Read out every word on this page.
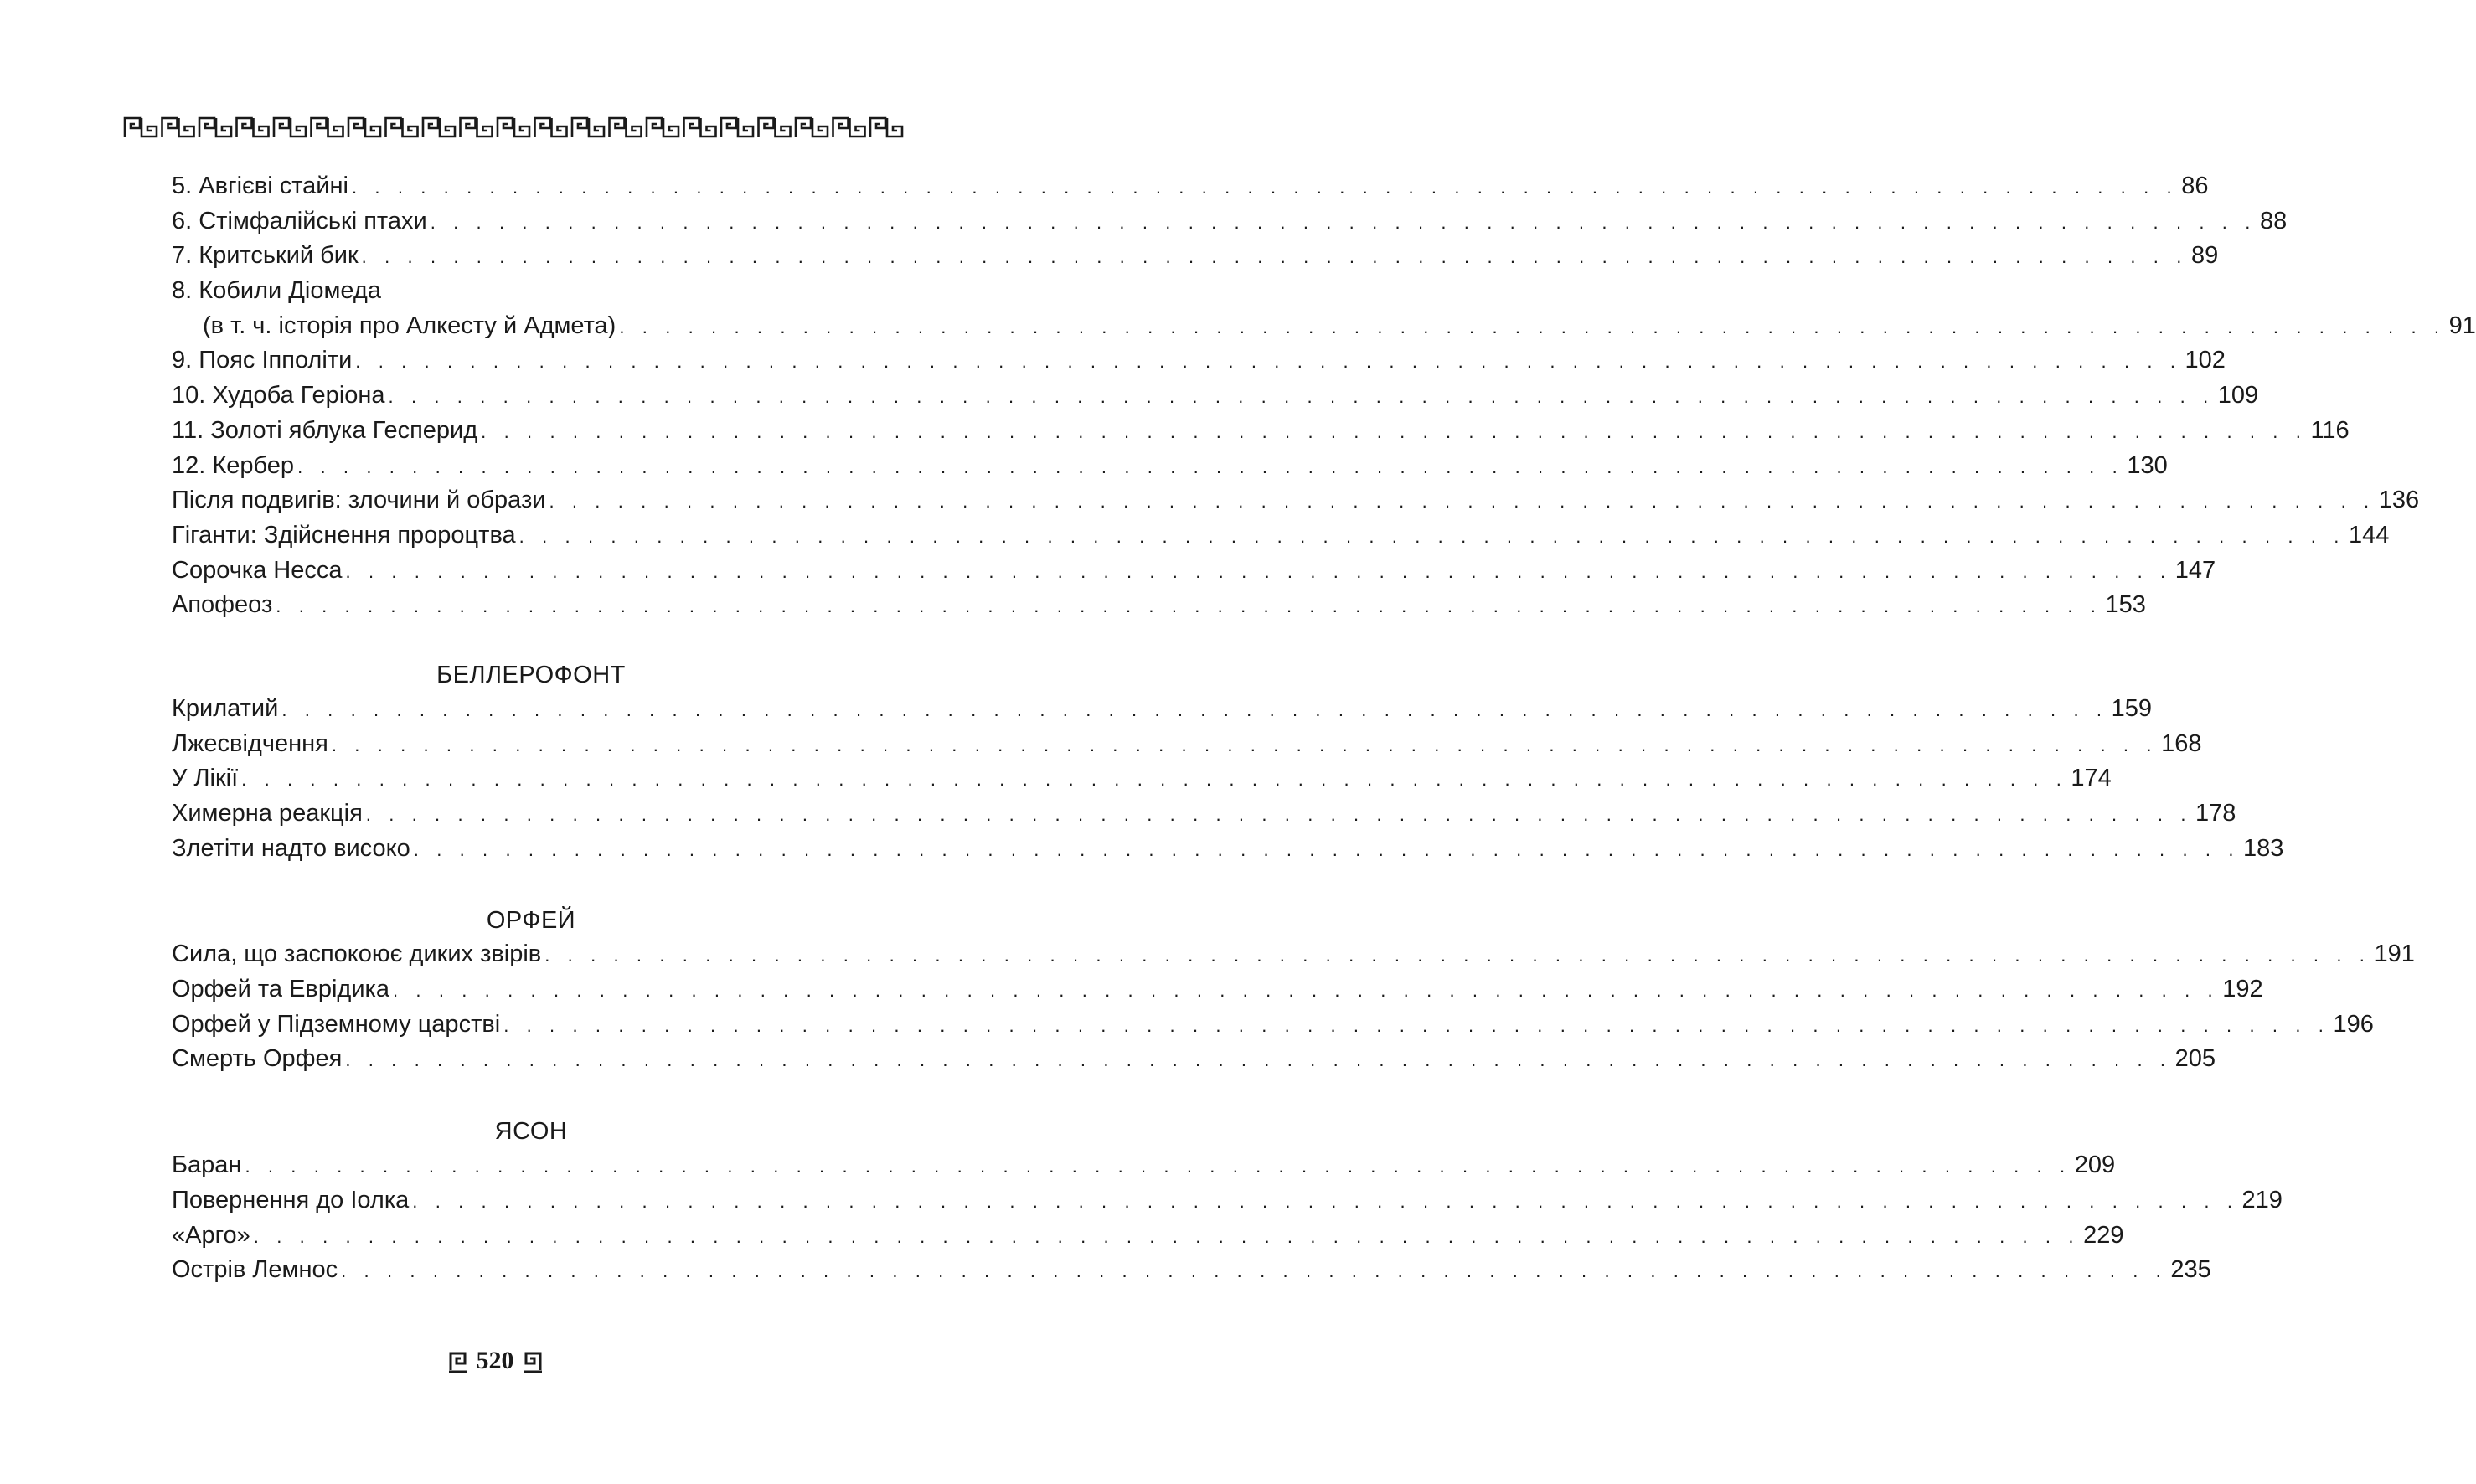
5. Авгієві стайні . . . . . . . . . . . . . . . . . . . . . . . . . . . . . . . . . . . . . . . . . . . . . . . . . . . . . . . . . . . . . . . . . . . . . . . . . . . . . . . . 86
6. Стімфалійські птахи . . . . . . . . . . . . . . . . . . . . . . . . . . . . . . . . . . . . . . . . . . . . . . . . . . . . . . . . . . . . . . . . . . . . . . . . . . . . . . . . 88
7. Критський бик . . . . . . . . . . . . . . . . . . . . . . . . . . . . . . . . . . . . . . . . . . . . . . . . . . . . . . . . . . . . . . . . . . . . . . . . . . . . . . . . 89
8. Кобили Діомеда
(в т. ч. історія про Алкесту й Адмета) . . . . . . . . . . . . . . . . . . . . . . . . . . . . . . . . . . . . . . . . . . . . . . . . . . . . . . . . . . . . . . . . . . . . . . . . . . . . . . . . 91
9. Пояс Іпполіти . . . . . . . . . . . . . . . . . . . . . . . . . . . . . . . . . . . . . . . . . . . . . . . . . . . . . . . . . . . . . . . . . . . . . . . . . . . . . . . . 102
10. Худоба Геріона . . . . . . . . . . . . . . . . . . . . . . . . . . . . . . . . . . . . . . . . . . . . . . . . . . . . . . . . . . . . . . . . . . . . . . . . . . . . . . . . 109
11. Золоті яблука Гесперид . . . . . . . . . . . . . . . . . . . . . . . . . . . . . . . . . . . . . . . . . . . . . . . . . . . . . . . . . . . . . . . . . . . . . . . . . . . . . . . . 116
12. Кербер . . . . . . . . . . . . . . . . . . . . . . . . . . . . . . . . . . . . . . . . . . . . . . . . . . . . . . . . . . . . . . . . . . . . . . . . . . . . . . . . 130
Після подвигів: злочини й образи . . . . . . . . . . . . . . . . . . . . . . . . . . . . . . . . . . . . . . . . . . . . . . . . . . . . . . . . . . . . . . . . . . . . . . . . . . . . . . . . 136
Гіганти: Здійснення пророцтва . . . . . . . . . . . . . . . . . . . . . . . . . . . . . . . . . . . . . . . . . . . . . . . . . . . . . . . . . . . . . . . . . . . . . . . . . . . . . . . . 144
Сорочка Несса . . . . . . . . . . . . . . . . . . . . . . . . . . . . . . . . . . . . . . . . . . . . . . . . . . . . . . . . . . . . . . . . . . . . . . . . . . . . . . . . 147
Апофеоз . . . . . . . . . . . . . . . . . . . . . . . . . . . . . . . . . . . . . . . . . . . . . . . . . . . . . . . . . . . . . . . . . . . . . . . . . . . . . . . . 153
БЕЛЛЕРОФОНТ
Крилатий . . . . . . . . . . . . . . . . . . . . . . . . . . . . . . . . . . . . . . . . . . . . . . . . . . . . . . . . . . . . . . . . . . . . . . . . . . . . . . . . 159
Лжесвідчення . . . . . . . . . . . . . . . . . . . . . . . . . . . . . . . . . . . . . . . . . . . . . . . . . . . . . . . . . . . . . . . . . . . . . . . . . . . . . . . . 168
У Лікії . . . . . . . . . . . . . . . . . . . . . . . . . . . . . . . . . . . . . . . . . . . . . . . . . . . . . . . . . . . . . . . . . . . . . . . . . . . . . . . . 174
Химерна реакція . . . . . . . . . . . . . . . . . . . . . . . . . . . . . . . . . . . . . . . . . . . . . . . . . . . . . . . . . . . . . . . . . . . . . . . . . . . . . . . . 178
Злетіти надто високо . . . . . . . . . . . . . . . . . . . . . . . . . . . . . . . . . . . . . . . . . . . . . . . . . . . . . . . . . . . . . . . . . . . . . . . . . . . . . . . . 183
ОРФЕЙ
Сила, що заспокоює диких звірів . . . . . . . . . . . . . . . . . . . . . . . . . . . . . . . . . . . . . . . . . . . . . . . . . . . . . . . . . . . . . . . . . . . . . . . . . . . . . . . . 191
Орфей та Еврідика . . . . . . . . . . . . . . . . . . . . . . . . . . . . . . . . . . . . . . . . . . . . . . . . . . . . . . . . . . . . . . . . . . . . . . . . . . . . . . . . 192
Орфей у Підземному царстві . . . . . . . . . . . . . . . . . . . . . . . . . . . . . . . . . . . . . . . . . . . . . . . . . . . . . . . . . . . . . . . . . . . . . . . . . . . . . . . . 196
Смерть Орфея . . . . . . . . . . . . . . . . . . . . . . . . . . . . . . . . . . . . . . . . . . . . . . . . . . . . . . . . . . . . . . . . . . . . . . . . . . . . . . . . 205
ЯСОН
Баран . . . . . . . . . . . . . . . . . . . . . . . . . . . . . . . . . . . . . . . . . . . . . . . . . . . . . . . . . . . . . . . . . . . . . . . . . . . . . . . . 209
Повернення до Іолка . . . . . . . . . . . . . . . . . . . . . . . . . . . . . . . . . . . . . . . . . . . . . . . . . . . . . . . . . . . . . . . . . . . . . . . . . . . . . . . . 219
«Арго» . . . . . . . . . . . . . . . . . . . . . . . . . . . . . . . . . . . . . . . . . . . . . . . . . . . . . . . . . . . . . . . . . . . . . . . . . . . . . . . . 229
Острів Лемнос . . . . . . . . . . . . . . . . . . . . . . . . . . . . . . . . . . . . . . . . . . . . . . . . . . . . . . . . . . . . . . . . . . . . . . . . . . . . . . . . 235
520
